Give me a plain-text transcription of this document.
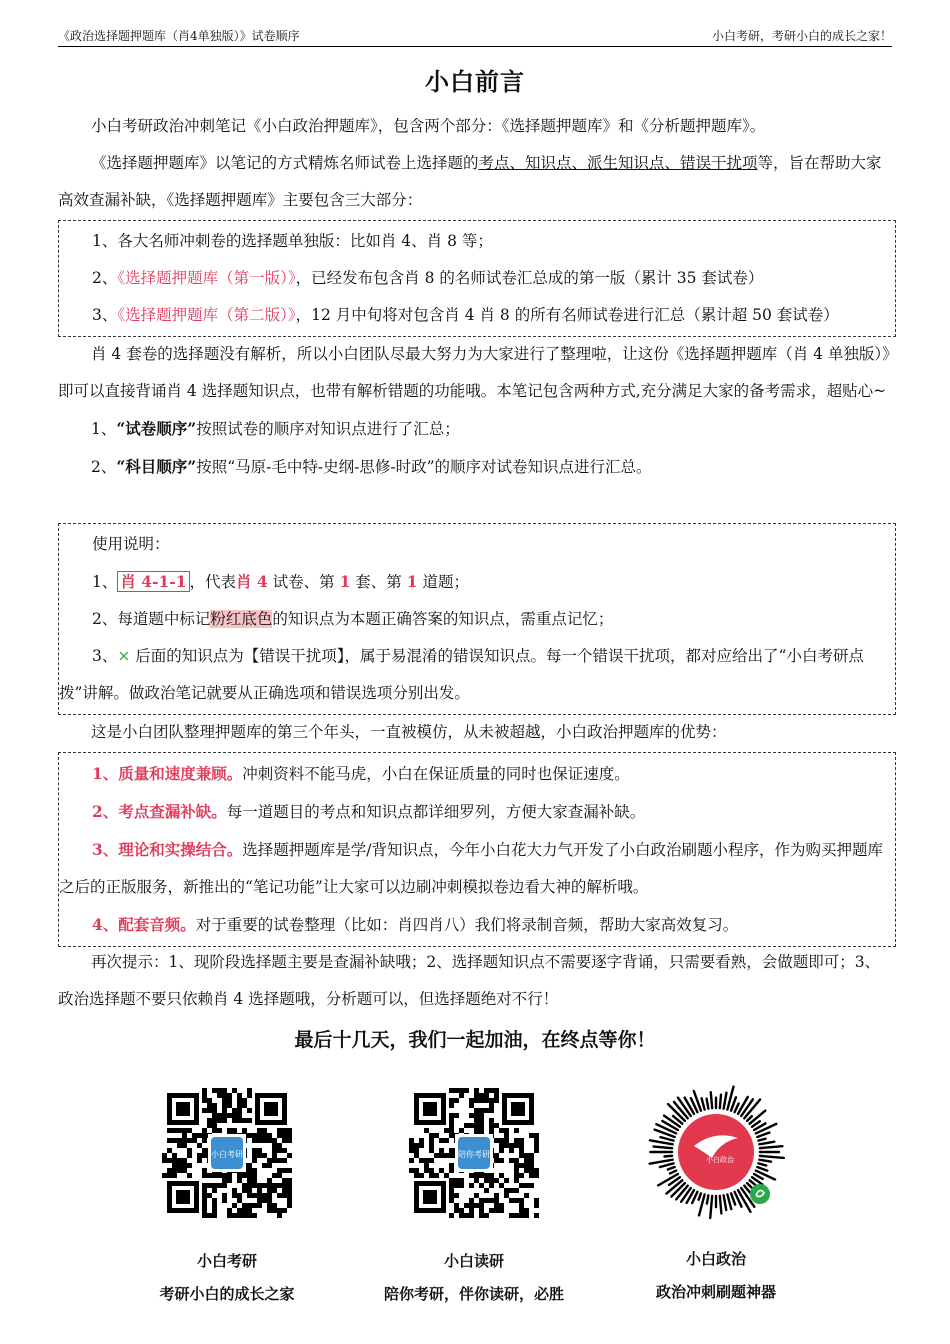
《政治选择题押题库（肖4单独版）》试卷顺序	小白考研，考研小白的成长之家！
小白前言

小白考研政治冲刺笔记《小白政治押题库》，包含两个部分：《选择题押题库》和《分析题押题库》。

《选择题押题库》以笔记的方式精炼名师试卷上选择题的考点、知识点、派生知识点、错误干扰项等，旨在帮助大家高效查漏补缺，《选择题押题库》主要包含三大部分：

1、各大名师冲刺卷的选择题单独版：比如肖 4、肖 8 等；

2、《选择题押题库（第一版）》，已经发布包含肖 8 的名师试卷汇总成的第一版（累计 35 套试卷）

3、《选择题押题库（第二版）》，12 月中旬将对包含肖 4 肖 8 的所有名师试卷进行汇总（累计超 50 套试卷）

肖 4 套卷的选择题没有解析，所以小白团队尽最大努力为大家进行了整理啦，让这份《选择题押题库（肖 4 单独版）》即可以直接背诵肖 4 选择题知识点，也带有解析错题的功能哦。本笔记包含两种方式,充分满足大家的备考需求，超贴心~

1、“试卷顺序”按照试卷的顺序对知识点进行了汇总；

2、“科目顺序”按照“马原-毛中特-史纲-思修-时政”的顺序对试卷知识点进行汇总。

使用说明：

1、 肖 4-1-1 ，代表肖 4 试卷、第 1 套、第 1 道题；

2、每道题中标记粉红底色的知识点为本题正确答案的知识点，需重点记忆；

3、× 后面的知识点为【错误干扰项】，属于易混淆的错误知识点。每一个错误干扰项，都对应给出了“小白考研点拨”讲解。做政治笔记就要从正确选项和错误选项分别出发。

这是小白团队整理押题库的第三个年头，一直被模仿，从未被超越，小白政治押题库的优势：

1、质量和速度兼顾。冲刺资料不能马虎，小白在保证质量的同时也保证速度。

2、考点查漏补缺。每一道题目的考点和知识点都详细罗列，方便大家查漏补缺。

3、理论和实操结合。选择题押题库是学/背知识点，今年小白花大力气开发了小白政治刷题小程序，作为购买押题库之后的正版服务，新推出的“笔记功能”让大家可以边刷冲刺模拟卷边看大神的解析哦。

4、配套音频。对于重要的试卷整理（比如：肖四肖八）我们将录制音频，帮助大家高效复习。

再次提示：1、现阶段选择题主要是查漏补缺哦；2、选择题知识点不需要逐字背诵，只需要看熟，会做题即可；3、政治选择题不要只依赖肖 4 选择题哦，分析题可以，但选择题绝对不行！

最后十几天，我们一起加油，在终点等你！
小白考研
小白考研
考研小白的成长之家
陪你考研
小白读研
陪你考研，伴你读研，必胜
小白政治
小白政治
政治冲刺刷题神器
